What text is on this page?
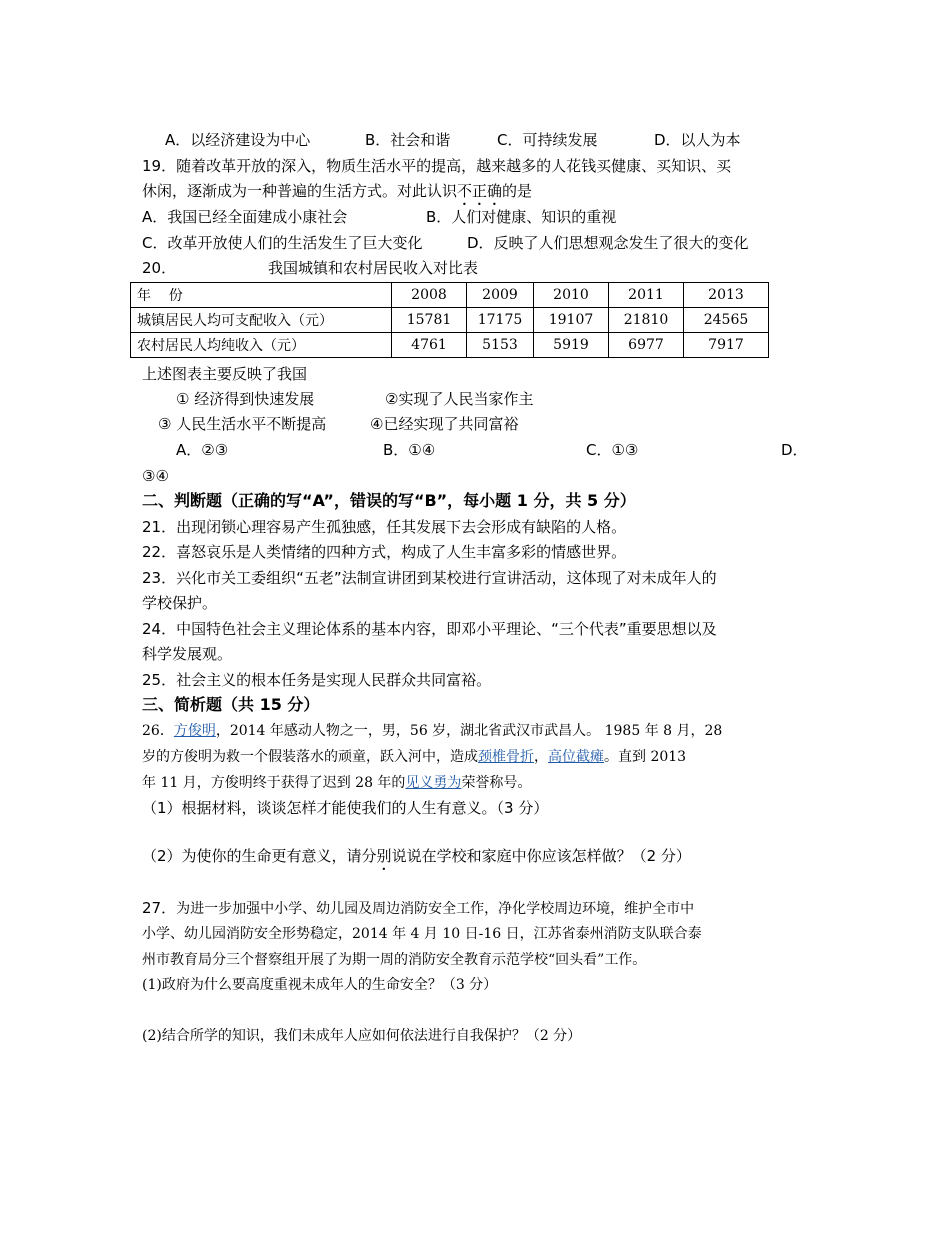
A．以经济建设为中心	B．社会和谐	C．可持续发展	D．以人为本
19．随着改革开放的深入，物质生活水平的提高，越来越多的人花钱买健康、买知识、买
休闲，逐渐成为一种普遍的生活方式。对此认识不正确的是
A．我国已经全面建成小康社会	B．人们对健康、知识的重视
C．改革开放使人们的生活发生了巨大变化	D．反映了人们思想观念发生了很大的变化
20．	我国城镇和农村居民收入对比表
年    份	2008	2009	2010	2011	2013
城镇居民人均可支配收入（元）	15781	17175	19107	21810	24565
农村居民人均纯收入（元）	4761	5153	5919	6977	7917
上述图表主要反映了我国
① 经济得到快速发展	②实现了人民当家作主
③ 人民生活水平不断提高	④已经实现了共同富裕
A．②③	B．①④	C．①③	D．
③④
二、判断题（正确的写“A”，错误的写“B”，每小题 1 分，共 5 分）
21．出现闭锁心理容易产生孤独感，任其发展下去会形成有缺陷的人格。
22．喜怒哀乐是人类情绪的四种方式，构成了人生丰富多彩的情感世界。
23．兴化市关工委组织“五老”法制宣讲团到某校进行宣讲活动，这体现了对未成年人的
学校保护。
24．中国特色社会主义理论体系的基本内容，即邓小平理论、“三个代表”重要思想以及
科学发展观。
25．社会主义的根本任务是实现人民群众共同富裕。
三、简析题（共 15 分）
26．方俊明，2014 年感动人物之一，男，56 岁，湖北省武汉市武昌人。 1985 年 8 月，28
岁的方俊明为救一个假装落水的顽童，跃入河中，造成颈椎骨折，高位截瘫。直到 2013
年 11 月，方俊明终于获得了迟到 28 年的见义勇为荣誉称号。
（1）根据材料，谈谈怎样才能使我们的人生有意义。（3 分）
（2）为使你的生命更有意义，请分别说说在学校和家庭中你应该怎样做？（2 分）
27．为进一步加强中小学、幼儿园及周边消防安全工作，净化学校周边环境，维护全市中
小学、幼儿园消防安全形势稳定，2014 年 4 月 10 日-16 日，江苏省泰州消防支队联合泰
州市教育局分三个督察组开展了为期一周的消防安全教育示范学校“回头看”工作。
(1)政府为什么要高度重视未成年人的生命安全？（3 分）
(2)结合所学的知识，我们未成年人应如何依法进行自我保护？（2 分）
